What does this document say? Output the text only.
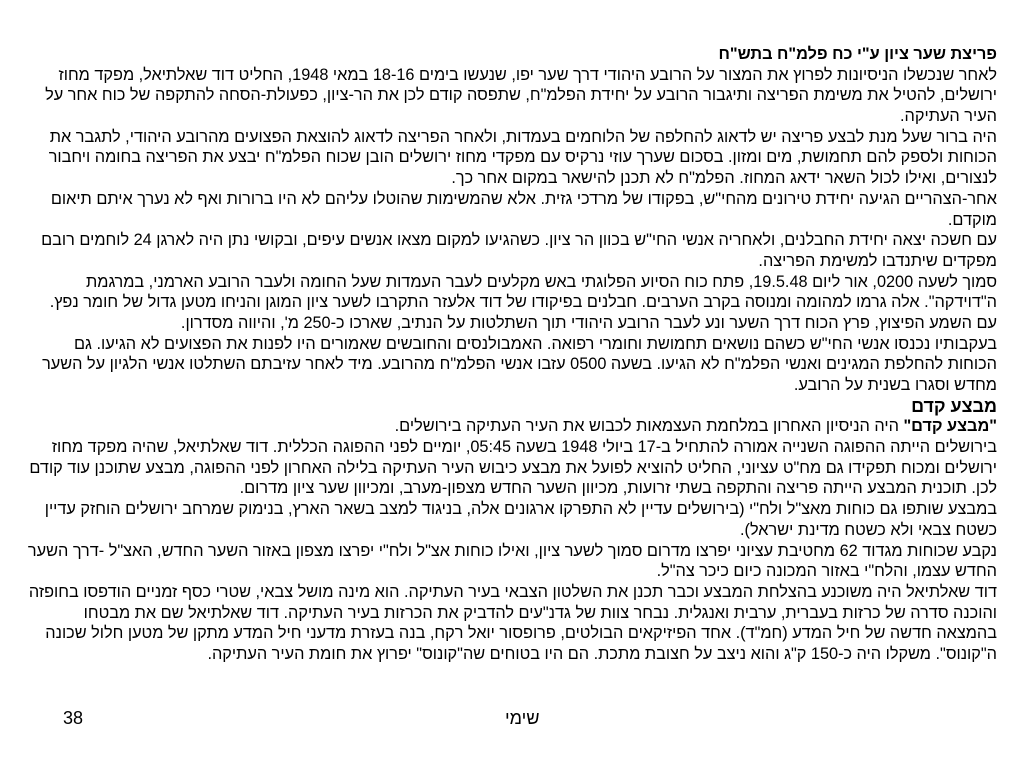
פריצת שער ציון ע"י כח פלמ"ח בתש"ח
לאחר שנכשלו הניסיונות לפרוץ את המצור על הרובע היהודי דרך שער יפו, שנעשו בימים 18-16 במאי 1948, החליט דוד שאלתיאל, מפקד מחוז
ירושלים, להטיל את משימת הפריצה ותיגבור הרובע על יחידת הפלמ"ח, שתפסה קודם לכן את הר-ציון, כפעולת-הסחה להתקפה של כוח אחר על
העיר העתיקה.
היה ברור שעל מנת לבצע פריצה יש לדאוג להחלפה של הלוחמים בעמדות, ולאחר הפריצה לדאוג להוצאת הפצועים מהרובע היהודי, לתגבר את
הכוחות ולספק להם תחמושת, מים ומזון. בסכום שערך עוזי נרקיס עם מפקדי מחוז ירושלים הובן שכוח הפלמ"ח יבצע את הפריצה בחומה ויחבור
לנצורים, ואילו לכול השאר ידאג המחוז. הפלמ"ח לא תכנן להישאר במקום אחר כך.
אחר-הצהריים הגיעה יחידת טירונים מהחי"ש, בפקודו של מרדכי גזית. אלא שהמשימות שהוטלו עליהם לא היו ברורות ואף לא נערך איתם תיאום
מוקדם.
עם חשכה יצאה יחידת החבלנים, ולאחריה אנשי החי"ש בכוון הר ציון. כשהגיעו למקום מצאו אנשים עיפים, ובקושי נתן היה לארגן 24 לוחמים רובם
מפקדים שיתנדבו למשימת הפריצה.
סמוך לשעה 0200, אור ליום 19.5.48, פתח כוח הסיוע הפלוגתי באש מקלעים לעבר העמדות שעל החומה ולעבר הרובע הארמני, במרגמת
ה"דוידקה". אלה גרמו למהומה ומנוסה בקרב הערבים. חבלנים בפיקודו של דוד אלעזר התקרבו לשער ציון המוגן והניחו מטען גדול של חומר נפץ.
עם השמע הפיצוץ, פרץ הכוח דרך השער ונע לעבר הרובע היהודי תוך השתלטות על הנתיב, שארכו כ-250 מ', והיווה מסדרון.
בעקבותיו נכנסו אנשי החי"ש כשהם נושאים תחמושת וחומרי רפואה. האמבולנסים והחובשים שאמורים היו לפנות את הפצועים לא הגיעו. גם
הכוחות להחלפת המגינים ואנשי הפלמ"ח לא הגיעו. בשעה 0500 עזבו אנשי הפלמ"ח מהרובע. מיד לאחר עזיבתם השתלטו אנשי הלגיון על השער
מחדש וסגרו בשנית על הרובע.
מבצע קדם
"מבצע קדם" היה הניסיון האחרון במלחמת העצמאות לכבוש את העיר העתיקה בירושלים.
בירושלים הייתה ההפוגה השנייה אמורה להתחיל ב-17 ביולי 1948 בשעה 05:45, יומיים לפני ההפוגה הכללית. דוד שאלתיאל, שהיה מפקד מחוז
ירושלים ומכוח תפקידו גם מח"ט עציוני, החליט להוציא לפועל את מבצע כיבוש העיר העתיקה בלילה האחרון לפני ההפוגה, מבצע שתוכנן עוד קודם
לכן. תוכנית המבצע הייתה פריצה והתקפה בשתי זרועות, מכיוון השער החדש מצפון-מערב, ומכיוון שער ציון מדרום.
במבצע שותפו גם כוחות מאצ"ל ולח"י (בירושלים עדיין לא התפרקו ארגונים אלה, בניגוד למצב בשאר הארץ, בנימוק שמרחב ירושלים הוחזק עדיין
כשטח צבאי ולא כשטח מדינת ישראל).
נקבע שכוחות מגדוד 62 מחטיבת עציוני יפרצו מדרום סמוך לשער ציון, ואילו כוחות אצ"ל ולח"י יפרצו מצפון באזור השער החדש, האצ"ל -דרך השער
החדש עצמו, והלח"י באזור המכונה כיום כיכר צה"ל.
דוד שאלתיאל היה משוכנע בהצלחת המבצע וכבר תכנן את השלטון הצבאי בעיר העתיקה. הוא מינה מושל צבאי, שטרי כסף זמניים הודפסו בחופזה
והוכנה סדרה של כרזות בעברית, ערבית ואנגלית. נבחר צוות של גדנ"עים להדביק את הכרזות בעיר העתיקה. דוד שאלתיאל שם את מבטחו
בהמצאה חדשה של חיל המדע (חמ"ד). אחד הפיזיקאים הבולטים, פרופסור יואל רקח, בנה בעזרת מדעני חיל המדע מתקן של מטען חלול שכונה
ה"קונוס". משקלו היה כ-150 ק"ג והוא ניצב על חצובת מתכת. הם היו בטוחים שה"קונוס" יפרוץ את חומת העיר העתיקה.
38	שימי
